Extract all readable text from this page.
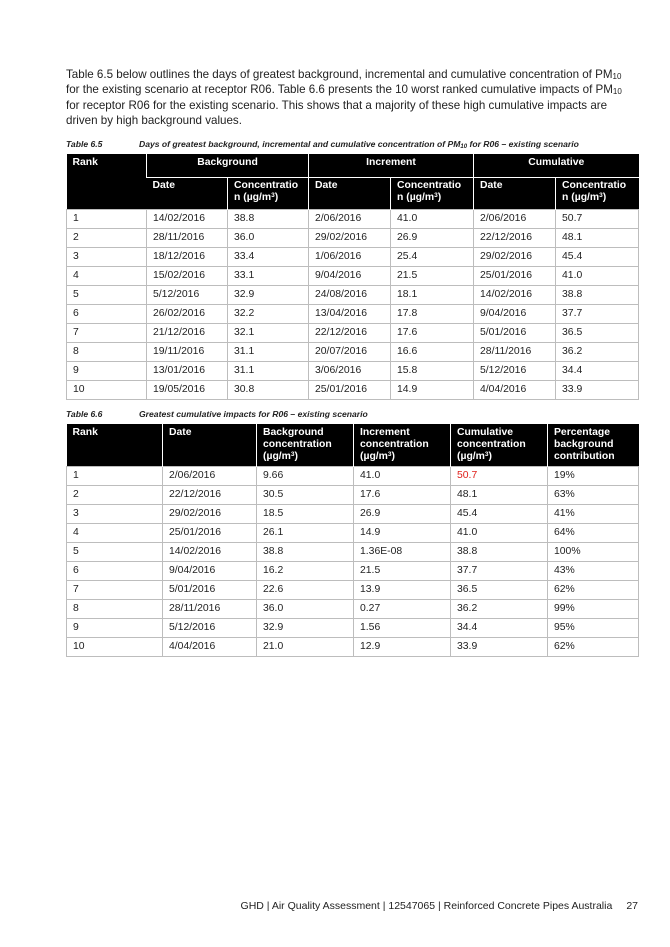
Table 6.5 below outlines the days of greatest background, incremental and cumulative concentration of $PM_{10}$ for the existing scenario at receptor R06. Table 6.6 presents the 10 worst ranked cumulative impacts of $PM_{10}$ for receptor R06 for the existing scenario. This shows that a majority of these high cumulative impacts are driven by high background values.

Table 6.5	Days of greatest background, incremental and cumulative concentration of $PM_{10}$ for R06 – existing scenario
Rank	Background		Increment		Cumulative	
	Date	Concentratio n $(\mu g/m^3)$	Date	Concentratio n $(\mu g/m^3)$	Date	Concentratio n $(\mu g/m^3)$
1	14/02/2016	38.8	2/06/2016	41.0	2/06/2016	50.7
2	28/11/2016	36.0	29/02/2016	26.9	22/12/2016	48.1
3	18/12/2016	33.4	1/06/2016	25.4	29/02/2016	45.4
4	15/02/2016	33.1	9/04/2016	21.5	25/01/2016	41.0
5	5/12/2016	32.9	24/08/2016	18.1	14/02/2016	38.8
6	26/02/2016	32.2	13/04/2016	17.8	9/04/2016	37.7
7	21/12/2016	32.1	22/12/2016	17.6	5/01/2016	36.5
8	19/11/2016	31.1	20/07/2016	16.6	28/11/2016	36.2
9	13/01/2016	31.1	3/06/2016	15.8	5/12/2016	34.4
10	19/05/2016	30.8	25/01/2016	14.9	4/04/2016	33.9
Table 6.6	Greatest cumulative impacts for R06 – existing scenario
Rank	Date	Background concentration $(\mu g/m^3)$	Increment concentration $(\mu g/m^3)$	Cumulative concentration $(\mu g/m^3)$	Percentage background contribution
1	2/06/2016	9.66	41.0	50.7	19%
2	22/12/2016	30.5	17.6	48.1	63%
3	29/02/2016	18.5	26.9	45.4	41%
4	25/01/2016	26.1	14.9	41.0	64%
5	14/02/2016	38.8	1.36E-08	38.8	100%
6	9/04/2016	16.2	21.5	37.7	43%
7	5/01/2016	22.6	13.9	36.5	62%
8	28/11/2016	36.0	0.27	36.2	99%
9	5/12/2016	32.9	1.56	34.4	95%
10	4/04/2016	21.0	12.9	33.9	62%
GHD | Air Quality Assessment | 12547065 | Reinforced Concrete Pipes Australia 27
